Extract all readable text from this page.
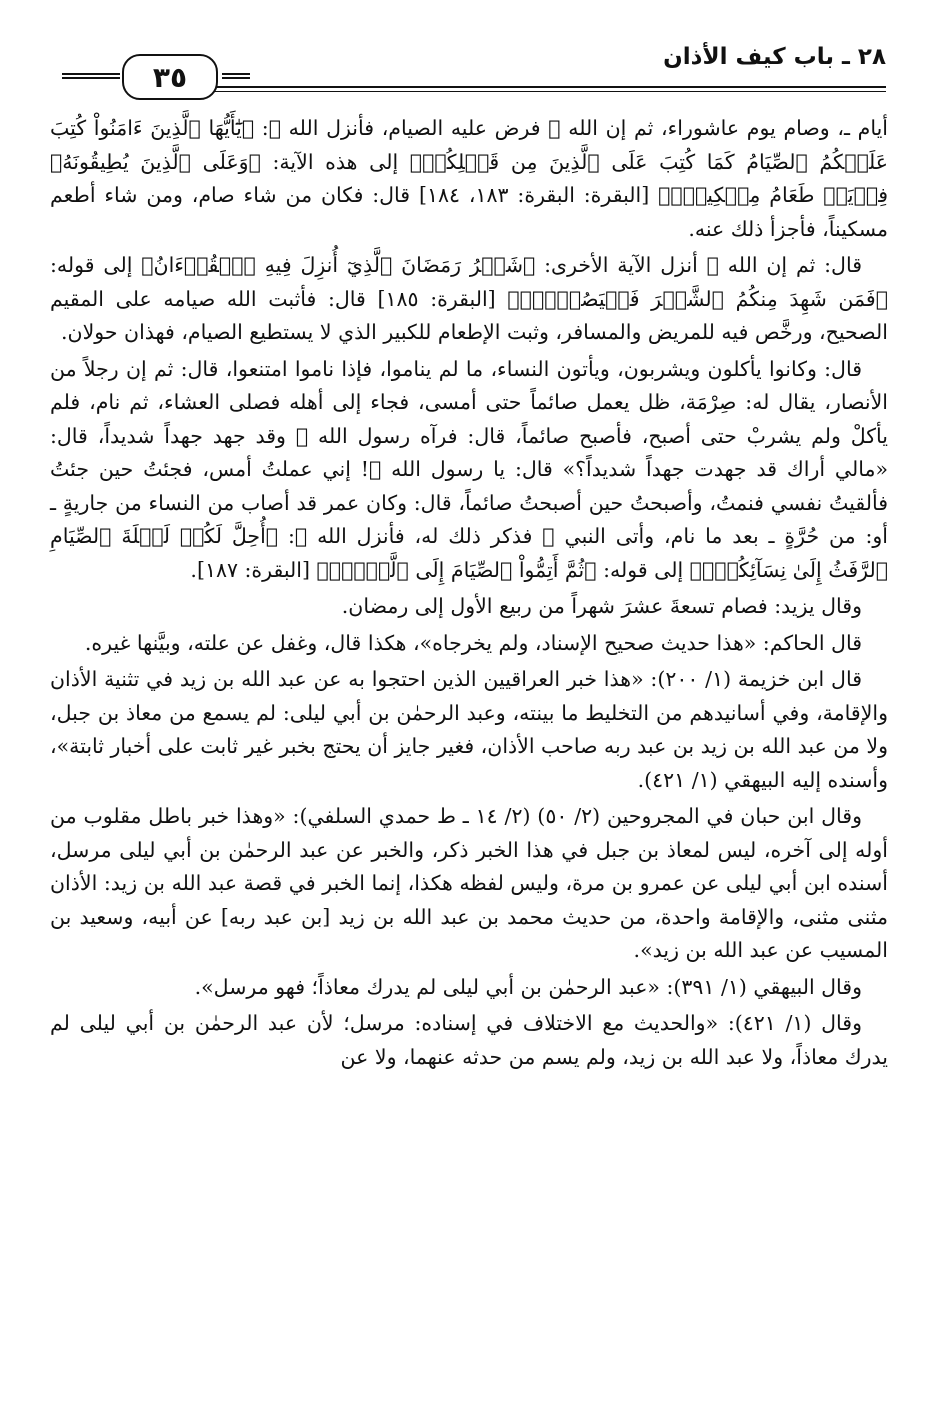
٢٨ ـ باب كيف الأذان
٣٥

أيام ـ، وصام يوم عاشوراء، ثم إن الله ﷺ فرض عليه الصيام، فأنزل الله ﷻ: ﴿يَٰٓأَيُّهَا ٱلَّذِينَ ءَامَنُواْ كُتِبَ عَلَيۡكُمُ ٱلصِّيَامُ كَمَا كُتِبَ عَلَى ٱلَّذِينَ مِن قَبۡلِكُمۡ﴾ إلى هذه الآية: ﴿وَعَلَى ٱلَّذِينَ يُطِيقُونَهُۥ فِدۡيَةٞ طَعَامُ مِسۡكِينٖۖ﴾ [البقرة: البقرة: ١٨٣، ١٨٤] قال: فكان من شاء صام، ومن شاء أطعم مسكيناً، فأجزأ ذلك عنه.

قال: ثم إن الله ﷻ أنزل الآية الأخرى: ﴿شَهۡرُ رَمَضَانَ ٱلَّذِيٓ أُنزِلَ فِيهِ ٱلۡقُرۡءَانُ﴾ إلى قوله: ﴿فَمَن شَهِدَ مِنكُمُ ٱلشَّهۡرَ فَلۡيَصُمۡهُۖ﴾ [البقرة: ١٨٥] قال: فأثبت الله صيامه على المقيم الصحيح، ورخَّص فيه للمريض والمسافر، وثبت الإطعام للكبير الذي لا يستطيع الصيام، فهذان حولان.

قال: وكانوا يأكلون ويشربون، ويأتون النساء، ما لم يناموا، فإذا ناموا امتنعوا، قال: ثم إن رجلاً من الأنصار، يقال له: صِرْمَة، ظل يعمل صائماً حتى أمسى، فجاء إلى أهله فصلى العشاء، ثم نام، فلم يأكلْ ولم يشربْ حتى أصبح، فأصبح صائماً، قال: فرآه رسول الله ﷺ وقد جهد جهداً شديداً، قال: «مالي أراك قد جهدت جهداً شديداً؟» قال: يا رسول الله ﷺ! إني عملتُ أمس، فجئتُ حين جئتُ فألقيتُ نفسي فنمتُ، وأصبحتُ حين أصبحتُ صائماً، قال: وكان عمر قد أصاب من النساء من جاريةٍ ـ أو: من حُرَّةٍ ـ بعد ما نام، وأتى النبي ﷺ فذكر ذلك له، فأنزل الله ﷻ: ﴿أُحِلَّ لَكُمۡ لَيۡلَةَ ٱلصِّيَامِ ٱلرَّفَثُ إِلَىٰ نِسَآئِكُمۡۚ﴾ إلى قوله: ﴿ثُمَّ أَتِمُّواْ ٱلصِّيَامَ إِلَى ٱلَّيۡلِۚ﴾ [البقرة: ١٨٧].

وقال يزيد: فصام تسعةَ عشرَ شهراً من ربيع الأول إلى رمضان.

قال الحاكم: «هذا حديث صحيح الإسناد، ولم يخرجاه»، هكذا قال، وغفل عن علته، وبيَّنها غيره.

قال ابن خزيمة (١/ ٢٠٠): «هذا خبر العراقيين الذين احتجوا به عن عبد الله بن زيد في تثنية الأذان والإقامة، وفي أسانيدهم من التخليط ما بينته، وعبد الرحمٰن بن أبي ليلى: لم يسمع من معاذ بن جبل، ولا من عبد الله بن زيد بن عبد ربه صاحب الأذان، فغير جايز أن يحتج بخبر غير ثابت على أخبار ثابتة»، وأسنده إليه البيهقي (١/ ٤٢١).

وقال ابن حبان في المجروحين (٢/ ٥٠) (٢/ ١٤ ـ ط حمدي السلفي): «وهذا خبر باطل مقلوب من أوله إلى آخره، ليس لمعاذ بن جبل في هذا الخبر ذكر، والخبر عن عبد الرحمٰن بن أبي ليلى مرسل، أسنده ابن أبي ليلى عن عمرو بن مرة، وليس لفظه هكذا، إنما الخبر في قصة عبد الله بن زيد: الأذان مثنى مثنى، والإقامة واحدة، من حديث محمد بن عبد الله بن زيد [بن عبد ربه] عن أبيه، وسعيد بن المسيب عن عبد الله بن زيد».

وقال البيهقي (١/ ٣٩١): «عبد الرحمٰن بن أبي ليلى لم يدرك معاذاً؛ فهو مرسل».

وقال (١/ ٤٢١): «والحديث مع الاختلاف في إسناده: مرسل؛ لأن عبد الرحمٰن بن أبي ليلى لم يدرك معاذاً، ولا عبد الله بن زيد، ولم يسم من حدثه عنهما، ولا عن
